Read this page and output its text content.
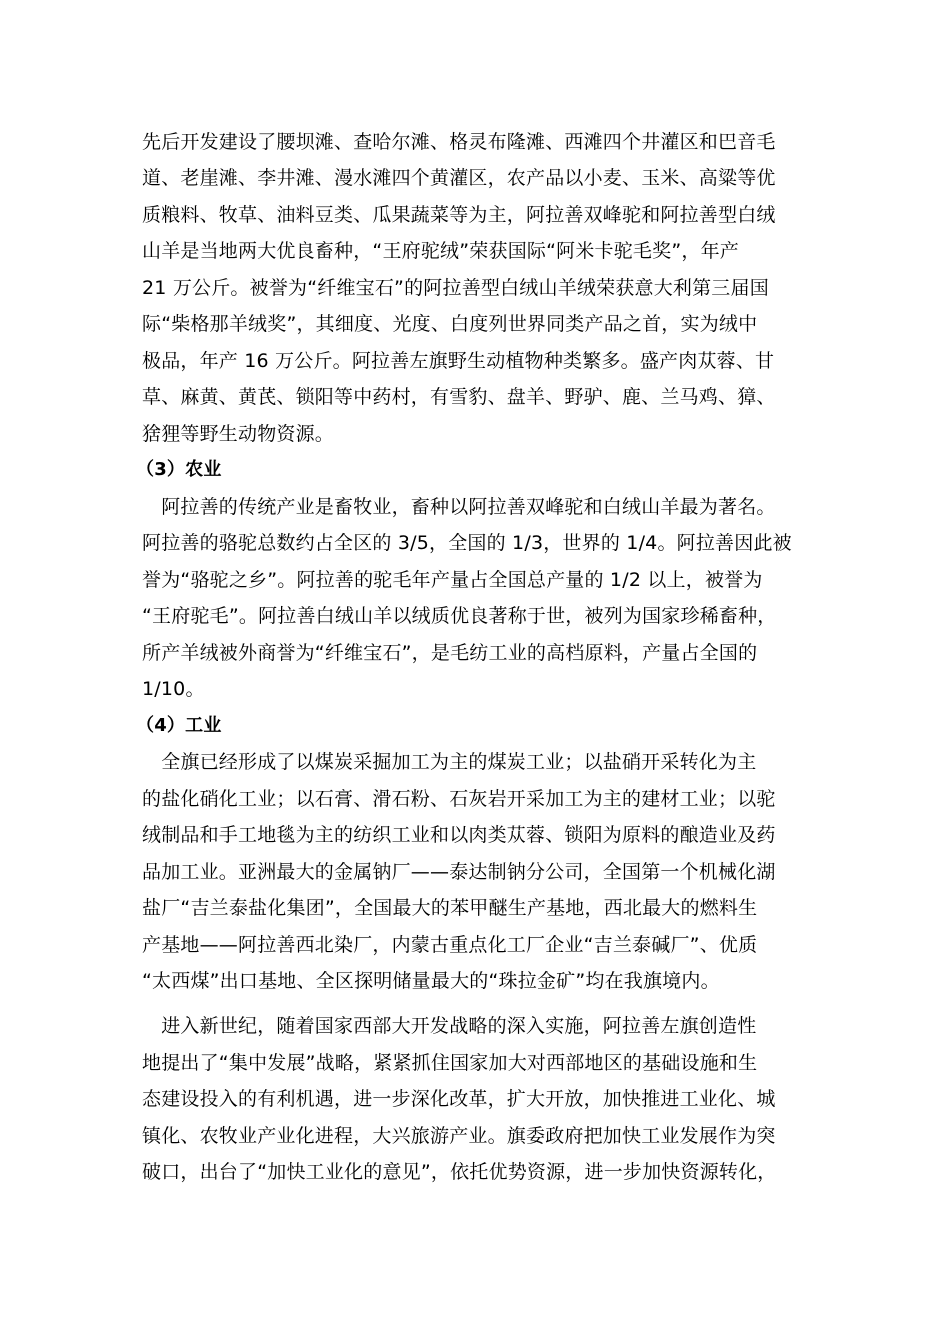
先后开发建设了腰坝滩、查哈尔滩、格灵布隆滩、西滩四个井灌区和巴音毛
道、老崖滩、李井滩、漫水滩四个黄灌区，农产品以小麦、玉米、高粱等优
质粮料、牧草、油料豆类、瓜果蔬菜等为主，阿拉善双峰驼和阿拉善型白绒
山羊是当地两大优良畜种，“王府驼绒”荣获国际“阿米卡驼毛奖”，年产
21 万公斤。被誉为“纤维宝石”的阿拉善型白绒山羊绒荣获意大利第三届国
际“柴格那羊绒奖”，其细度、光度、白度列世界同类产品之首，实为绒中
极品，年产 16 万公斤。阿拉善左旗野生动植物种类繁多。盛产肉苁蓉、甘
草、麻黄、黄芪、锁阳等中药村，有雪豹、盘羊、野驴、鹿、兰马鸡、獐、
猞狸等野生动物资源。
（3）农业
　阿拉善的传统产业是畜牧业，畜种以阿拉善双峰驼和白绒山羊最为著名。
阿拉善的骆驼总数约占全区的 3/5，全国的 1/3，世界的 1/4。阿拉善因此被
誉为“骆驼之乡”。阿拉善的驼毛年产量占全国总产量的 1/2 以上，被誉为
“王府驼毛”。阿拉善白绒山羊以绒质优良著称于世，被列为国家珍稀畜种，
所产羊绒被外商誉为“纤维宝石”，是毛纺工业的高档原料，产量占全国的
1/10。
（4）工业
　全旗已经形成了以煤炭采掘加工为主的煤炭工业；以盐硝开采转化为主
的盐化硝化工业；以石膏、滑石粉、石灰岩开采加工为主的建材工业；以驼
绒制品和手工地毯为主的纺织工业和以肉类苁蓉、锁阳为原料的酿造业及药
品加工业。亚洲最大的金属钠厂——泰达制钠分公司，全国第一个机械化湖
盐厂“吉兰泰盐化集团”，全国最大的苯甲醚生产基地，西北最大的燃料生
产基地——阿拉善西北染厂，内蒙古重点化工厂企业“吉兰泰碱厂”、优质
“太西煤”出口基地、全区探明储量最大的“珠拉金矿”均在我旗境内。
　进入新世纪，随着国家西部大开发战略的深入实施，阿拉善左旗创造性
地提出了“集中发展”战略，紧紧抓住国家加大对西部地区的基础设施和生
态建设投入的有利机遇，进一步深化改革，扩大开放，加快推进工业化、城
镇化、农牧业产业化进程，大兴旅游产业。旗委政府把加快工业发展作为突
破口，出台了“加快工业化的意见”，依托优势资源，进一步加快资源转化，
